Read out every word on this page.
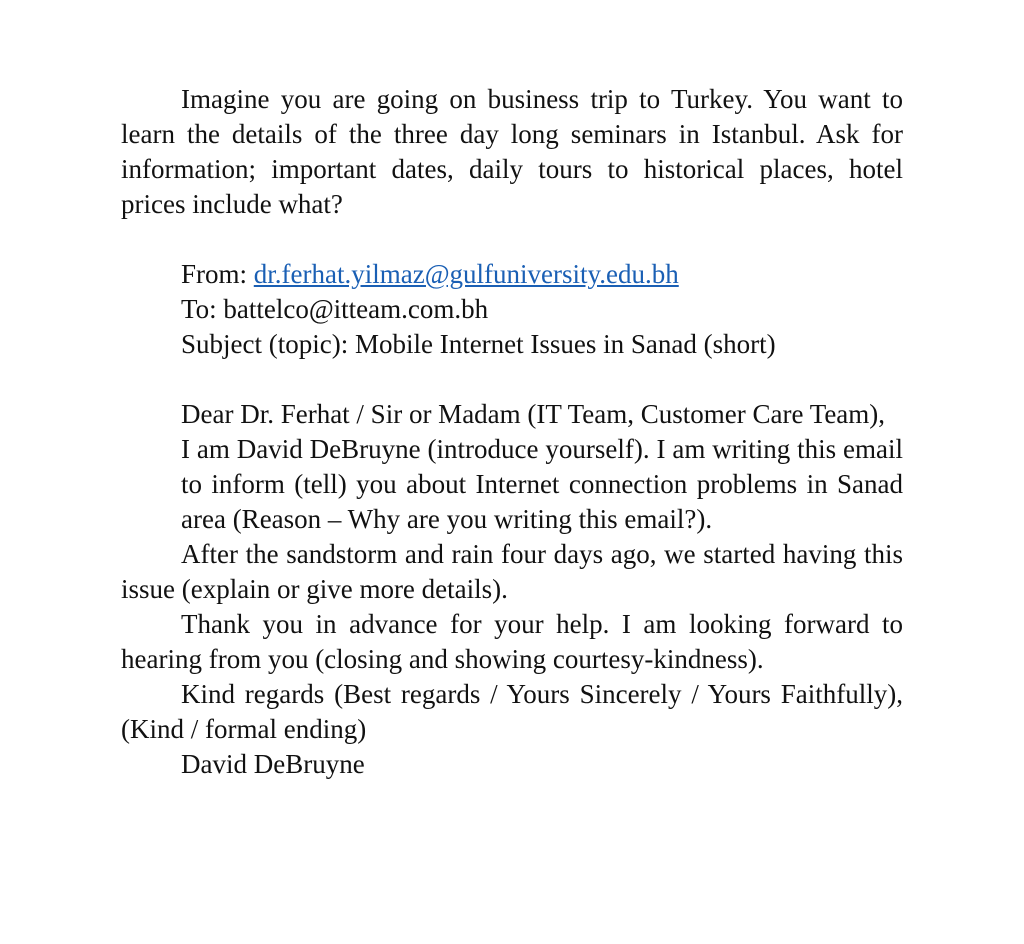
Imagine you are going on business trip to Turkey. You want to learn the details of the three day long seminars in Istanbul. Ask for information; important dates, daily tours to historical places, hotel prices include what?

From: dr.ferhat.yilmaz@gulfuniversity.edu.bh
To: battelco@itteam.com.bh
Subject (topic): Mobile Internet Issues in Sanad (short)

Dear Dr. Ferhat / Sir or Madam (IT Team, Customer Care Team),

I am David DeBruyne (introduce yourself). I am writing this email to inform (tell) you about Internet connection problems in Sanad area (Reason – Why are you writing this email?).

After the sandstorm and rain four days ago, we started having this issue (explain or give more details).

Thank you in advance for your help. I am looking forward to hearing from you (closing and showing courtesy-kindness).

Kind regards (Best regards / Yours Sincerely / Yours Faithfully), (Kind / formal ending)

David DeBruyne
